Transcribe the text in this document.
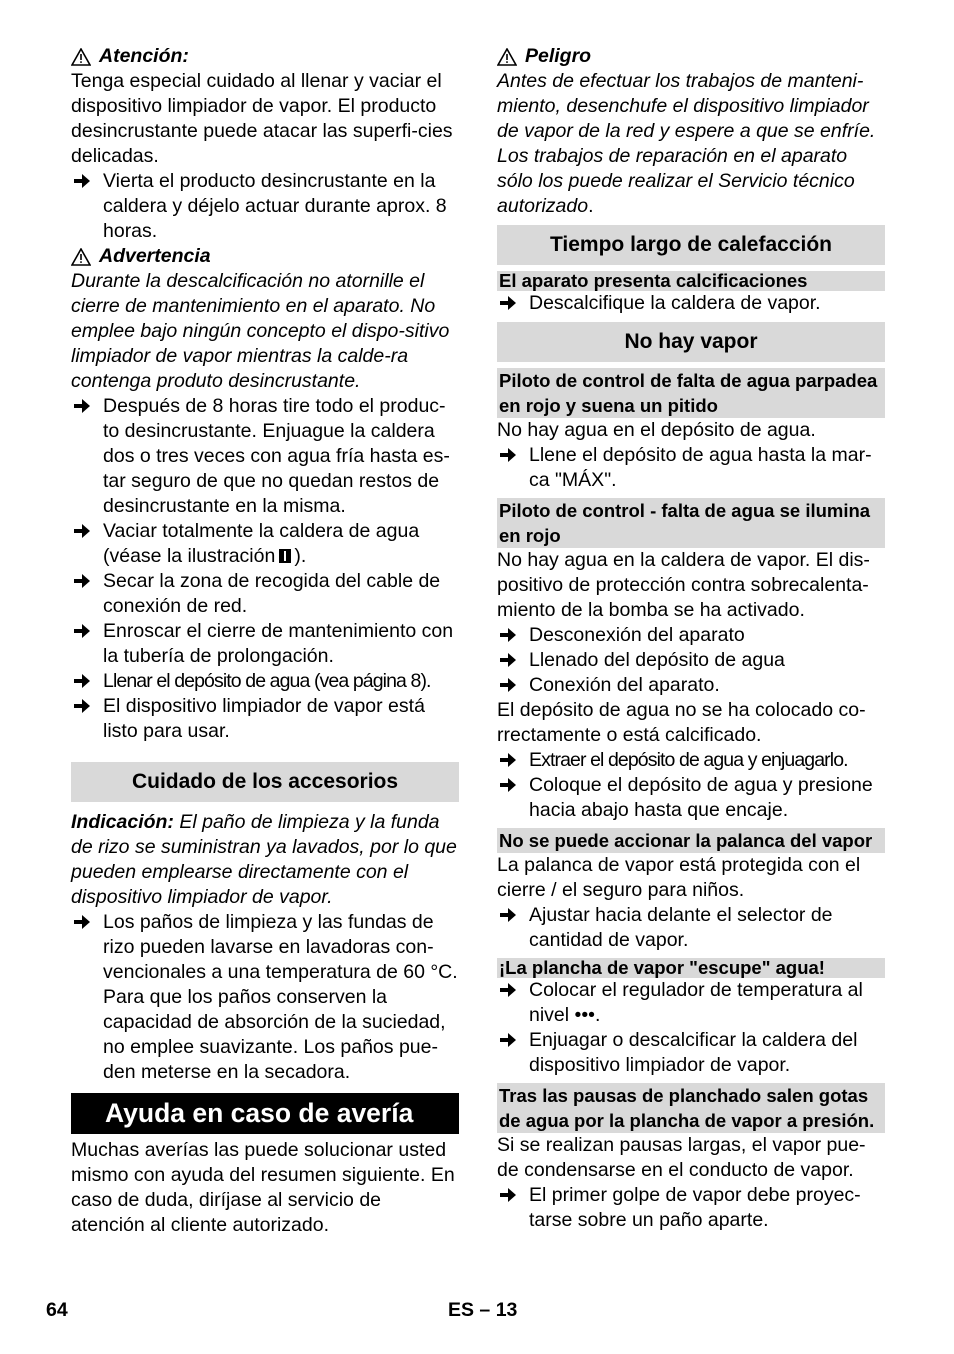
Atención:

Tenga especial cuidado al llenar y vaciar el dispositivo limpiador de vapor. El producto desincrustante puede atacar las superfi-cies delicadas.

Vierta el producto desincrustante en la caldera y déjelo actuar durante aprox. 8 horas.
Advertencia

Durante la descalcificación no atornille el cierre de mantenimiento en el aparato. No emplee bajo ningún concepto el dispo-sitivo limpiador de vapor mientras la calde-ra contenga produto desincrustante.

Después de 8 horas tire todo el produc-to desincrustante. Enjuague la caldera dos o tres veces con agua fría hasta es-tar seguro de que no quedan restos de desincrustante en la misma.
Vaciar totalmente la caldera de agua (véase la ilustración ).
Secar la zona de recogida del cable de conexión de red.
Enroscar el cierre de mantenimiento con la tubería de prolongación.
Llenar el depósito de agua (vea página 8).
El dispositivo limpiador de vapor está listo para usar.
Cuidado de los accesorios

Indicación: El paño de limpieza y la funda de rizo se suministran ya lavados, por lo que pueden emplearse directamente con el dispositivo limpiador de vapor.

Los paños de limpieza y las fundas de rizo pueden lavarse en lavadoras con-vencionales a una temperatura de 60 °C. Para que los paños conserven la capacidad de absorción de la suciedad, no emplee suavizante. Los paños pue-den meterse en la secadora.
Ayuda en caso de avería

Muchas averías las puede solucionar usted mismo con ayuda del resumen siguiente. En caso de duda, diríjase al servicio de atención al cliente autorizado.

Peligro

Antes de efectuar los trabajos de manteni-miento, desenchufe el dispositivo limpiador de vapor de la red y espere a que se enfríe. Los trabajos de reparación en el aparato sólo los puede realizar el Servicio técnico autorizado.

Tiempo largo de calefacción
El aparato presenta calcificaciones
Descalcifique la caldera de vapor.
No hay vapor
Piloto de control de falta de agua parpadea en rojo y suena un pitido

No hay agua en el depósito de agua.

Llene el depósito de agua hasta la mar-ca "MÁX".
Piloto de control - falta de agua se ilumina en rojo

No hay agua en la caldera de vapor. El dis-positivo de protección contra sobrecalenta-miento de la bomba se ha activado.

Desconexión del aparato
Llenado del depósito de agua
Conexión del aparato.

El depósito de agua no se ha colocado co-rrectamente o está calcificado.

Extraer el depósito de agua y enjuagarlo.
Coloque el depósito de agua y presione hacia abajo hasta que encaje.
No se puede accionar la palanca del vapor

La palanca de vapor está protegida con el cierre / el seguro para niños.

Ajustar hacia delante el selector de cantidad de vapor.
¡La plancha de vapor "escupe" agua!
Colocar el regulador de temperatura al nivel •••.
Enjuagar o descalcificar la caldera del dispositivo limpiador de vapor.
Tras las pausas de planchado salen gotas de agua por la plancha de vapor a presión.

Si se realizan pausas largas, el vapor pue-de condensarse en el conducto de vapor.

El primer golpe de vapor debe proyec-tarse sobre un paño aparte.
64	ES – 13
